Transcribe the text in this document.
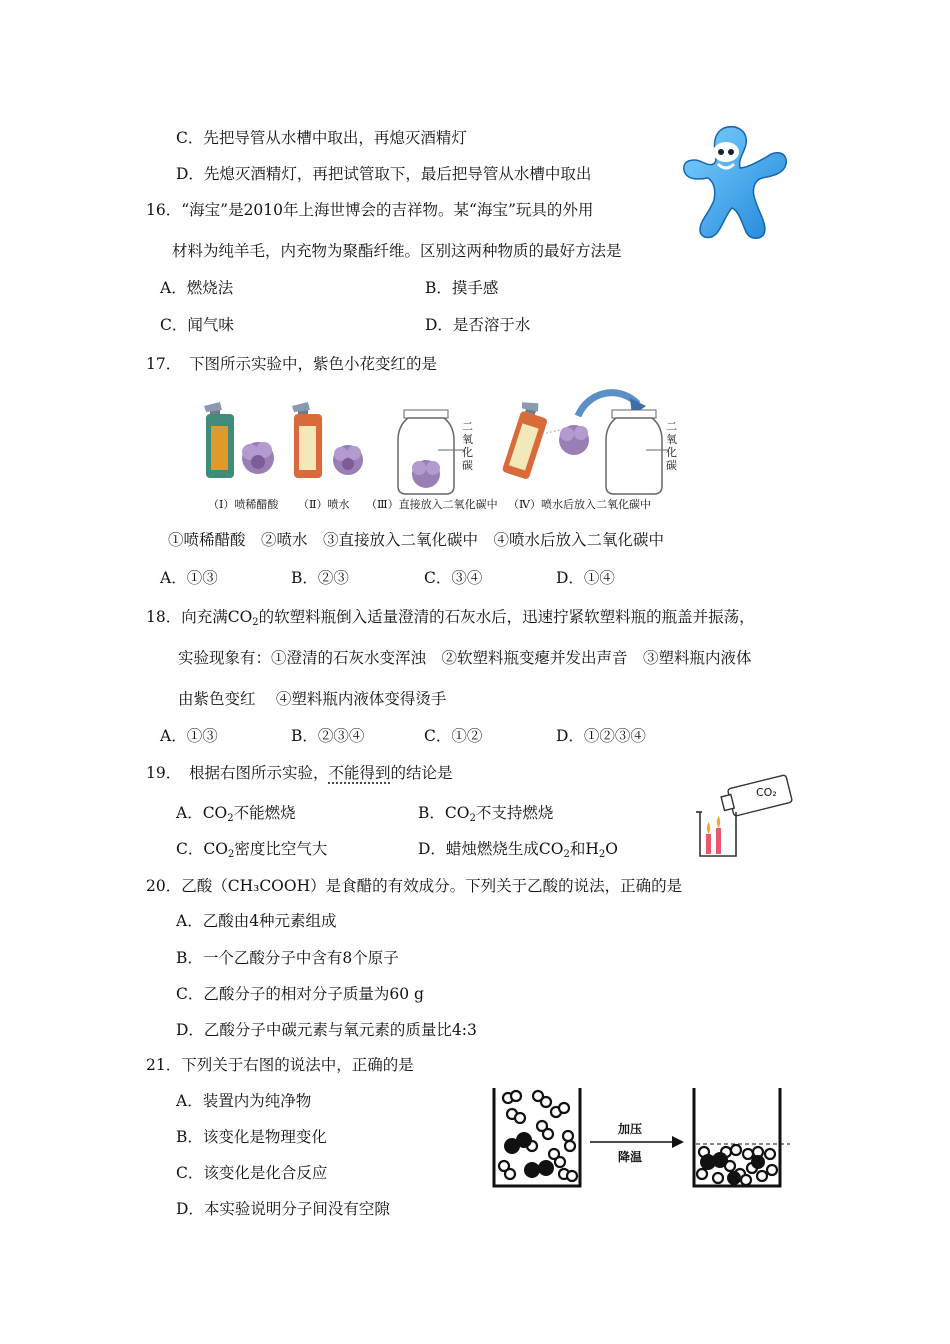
C．先把导管从水槽中取出，再熄灭酒精灯
D．先熄灭酒精灯，再把试管取下，最后把导管从水槽中取出
16．“海宝”是2010年上海世博会的吉祥物。某“海宝”玩具的外用
材料为纯羊毛，内充物为聚酯纤维。区别这两种物质的最好方法是
A．燃烧法	B．摸手感
C．闻气味	D．是否溶于水
17．　下图所示实验中，紫色小花变红的是
二氧化碳
二氧化碳
（Ⅰ）喷稀醋酸 （Ⅱ）喷水 （Ⅲ）直接放入二氧化碳中 （Ⅳ）喷水后放入二氧化碳中
①喷稀醋酸　②喷水　③直接放入二氧化碳中　④喷水后放入二氧化碳中
A．①③	B．②③	C．③④	D．①④
18．向充满$CO_2$的软塑料瓶倒入适量澄清的石灰水后，迅速拧紧软塑料瓶的瓶盖并振荡，
实验现象有：①澄清的石灰水变浑浊　②软塑料瓶变瘪并发出声音　③塑料瓶内液体
由紫色变红　 ④塑料瓶内液体变得烫手
A．①③	B．②③④	C．①②	D．①②③④
19．　根据右图所示实验，不能得到的结论是
A．$CO_2$不能燃烧	B．$CO_2$不支持燃烧
C．$CO_2$密度比空气大	D．蜡烛燃烧生成$CO_2$和$H_2O$
CO₂
20．乙酸（CH₃COOH）是食醋的有效成分。下列关于乙酸的说法，正确的是
A．乙酸由4种元素组成
B．一个乙酸分子中含有8个原子
C．乙酸分子的相对分子质量为60 g
D．乙酸分子中碳元素与氧元素的质量比4:3
21．下列关于右图的说法中，正确的是
A．装置内为纯净物
B．该变化是物理变化
C．该变化是化合反应
D．本实验说明分子间没有空隙
加压
降温
